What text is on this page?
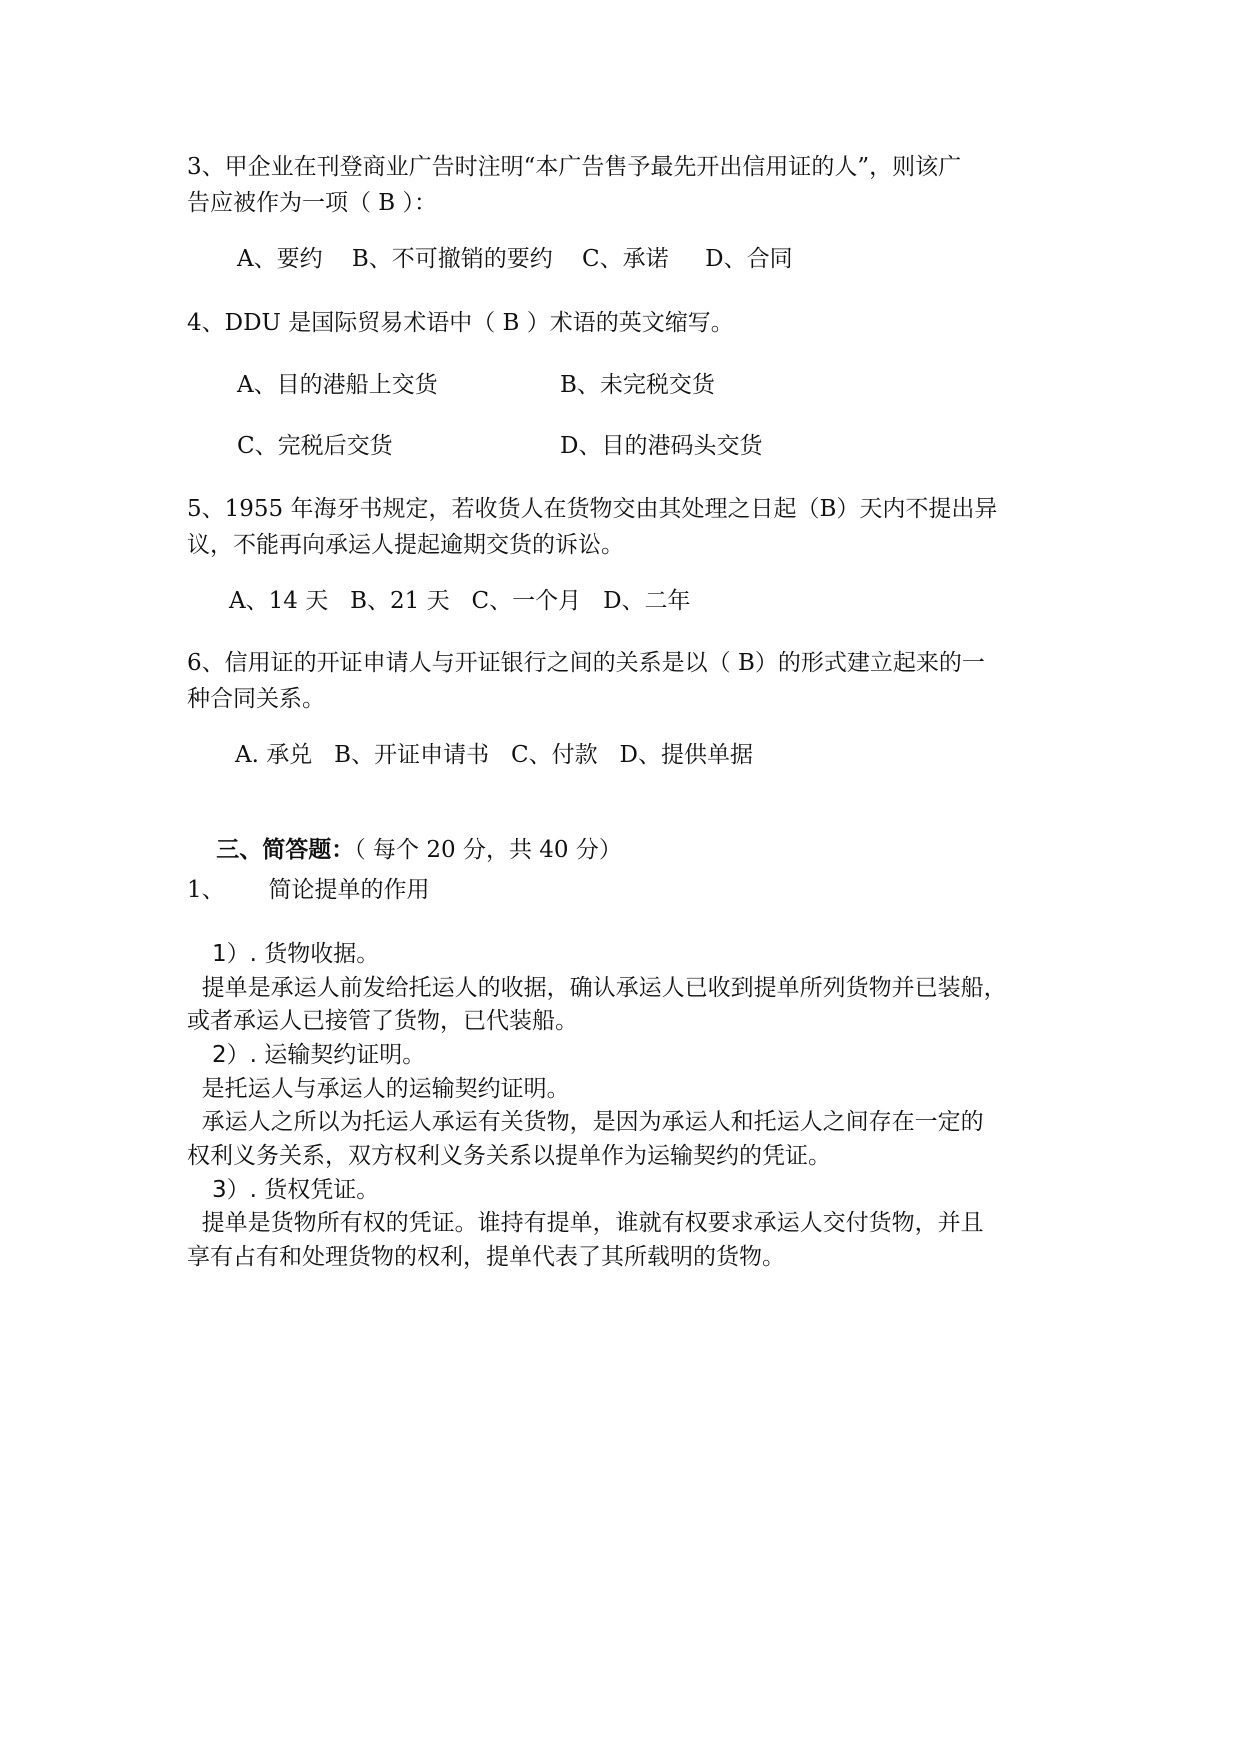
3、甲企业在刊登商业广告时注明“本广告售予最先开出信用证的人”，则该广
告应被作为一项（ B ）：
A、要约    B、不可撤销的要约    C、承诺     D、合同
4、DDU 是国际贸易术语中（ B ）术语的英文缩写。
A、目的港船上交货	B、未完税交货
C、完税后交货	D、目的港码头交货
5、1955 年海牙书规定，若收货人在货物交由其处理之日起（B）天内不提出异
议，不能再向承运人提起逾期交货的诉讼。
A、14 天   B、21 天   C、一个月   D、二年
6、信用证的开证申请人与开证银行之间的关系是以（ B）的形式建立起来的一
种合同关系。
A. 承兑   B、开证申请书   C、付款   D、提供单据

三、简答题：（ 每个 20 分，共 40 分）

1、      简论提单的作用
1）. 货物收据。
提单是承运人前发给托运人的收据，确认承运人已收到提单所列货物并已装船，
或者承运人已接管了货物，已代装船。
2）. 运输契约证明。
是托运人与承运人的运输契约证明。
承运人之所以为托运人承运有关货物，是因为承运人和托运人之间存在一定的
权利义务关系，双方权利义务关系以提单作为运输契约的凭证。
3）. 货权凭证。
提单是货物所有权的凭证。谁持有提单，谁就有权要求承运人交付货物，并且
享有占有和处理货物的权利，提单代表了其所载明的货物。
